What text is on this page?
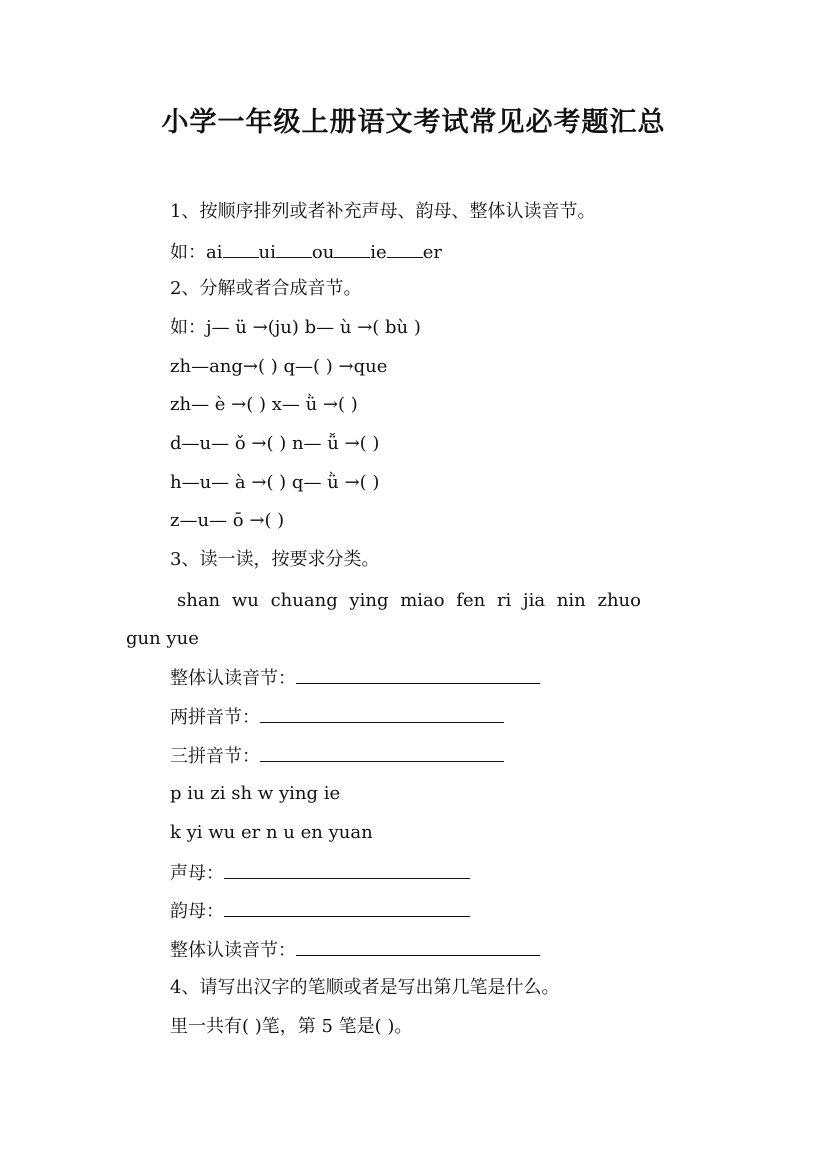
小学一年级上册语文考试常见必考题汇总
1、按顺序排列或者补充声母、韵母、整体认读音节。
如：ai ui ou ie er
2、分解或者合成音节。
如：j— ü →(ju) b— ù →( bù )
zh—ang→( ) q—( ) →que
zh— è →( ) x— ǜ →( )
d—u— ǒ →( ) n— ǚ →( )
h—u— à →( ) q— ǜ →( )
z—u— ō →( )
3、读一读，按要求分类。
shan wu chuang ying miao fen ri jia nin zhuo
gun yue
整体认读音节：
两拼音节：
三拼音节：
p iu zi sh w ying ie
k yi wu er n u en yuan
声母：
韵母：
整体认读音节：
4、请写出汉字的笔顺或者是写出第几笔是什么。
里一共有( )笔，第 5 笔是( )。
